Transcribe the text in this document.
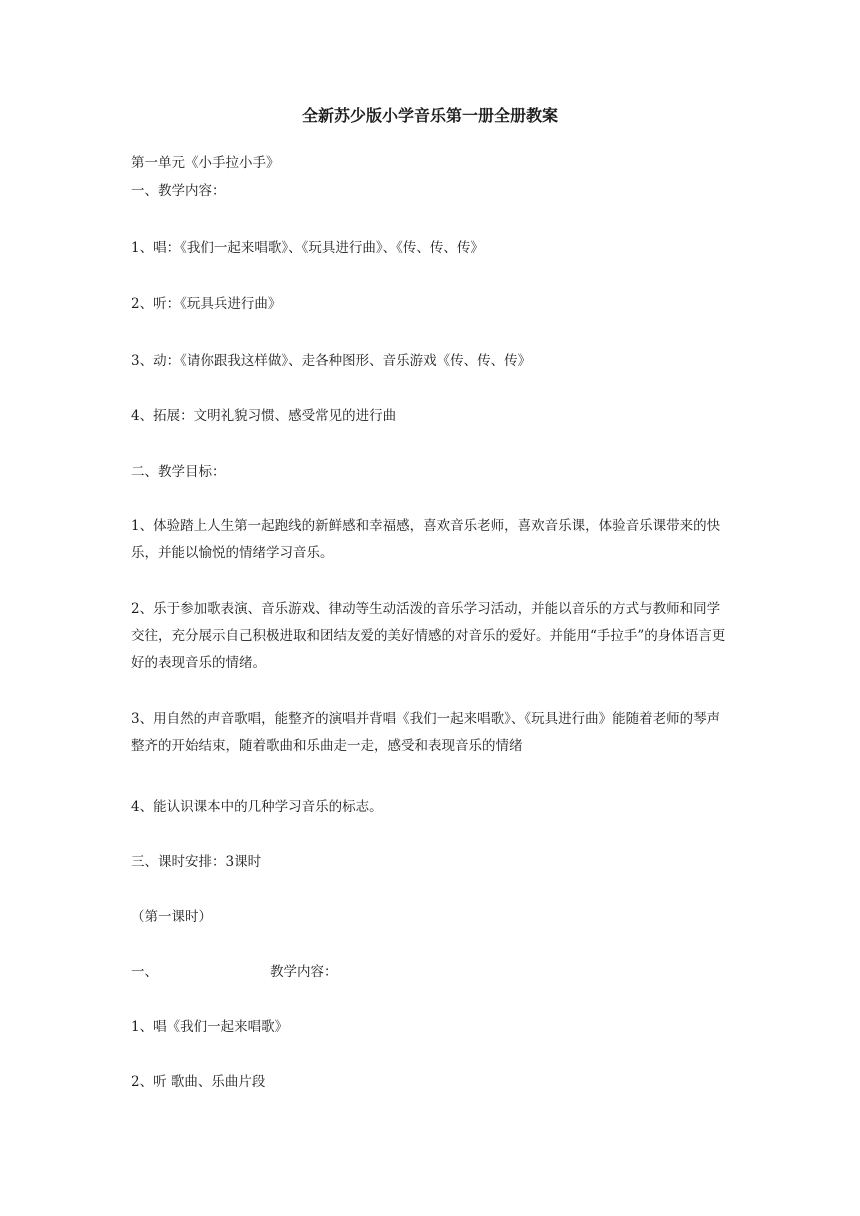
全新苏少版小学音乐第一册全册教案
第一单元《小手拉小手》
一、教学内容：
1、唱：《我们一起来唱歌》、《玩具进行曲》、《传、传、传》
2、听：《玩具兵进行曲》
3、动：《请你跟我这样做》、走各种图形、音乐游戏《传、传、传》
4、拓展：文明礼貌习惯、感受常见的进行曲
二、教学目标：
1、体验踏上人生第一起跑线的新鲜感和幸福感，喜欢音乐老师，喜欢音乐课，体验音乐课带来的快乐，并能以愉悦的情绪学习音乐。
2、乐于参加歌表演、音乐游戏、律动等生动活泼的音乐学习活动，并能以音乐的方式与教师和同学交往，充分展示自己积极进取和团结友爱的美好情感的对音乐的爱好。并能用“手拉手”的身体语言更好的表现音乐的情绪。
3、用自然的声音歌唱，能整齐的演唱并背唱《我们一起来唱歌》、《玩具进行曲》能随着老师的琴声整齐的开始结束，随着歌曲和乐曲走一走，感受和表现音乐的情绪
4、能认识课本中的几种学习音乐的标志。
三、课时安排：3课时
（第一课时）
一、	教学内容：
1、唱《我们一起来唱歌》
2、听 歌曲、乐曲片段
